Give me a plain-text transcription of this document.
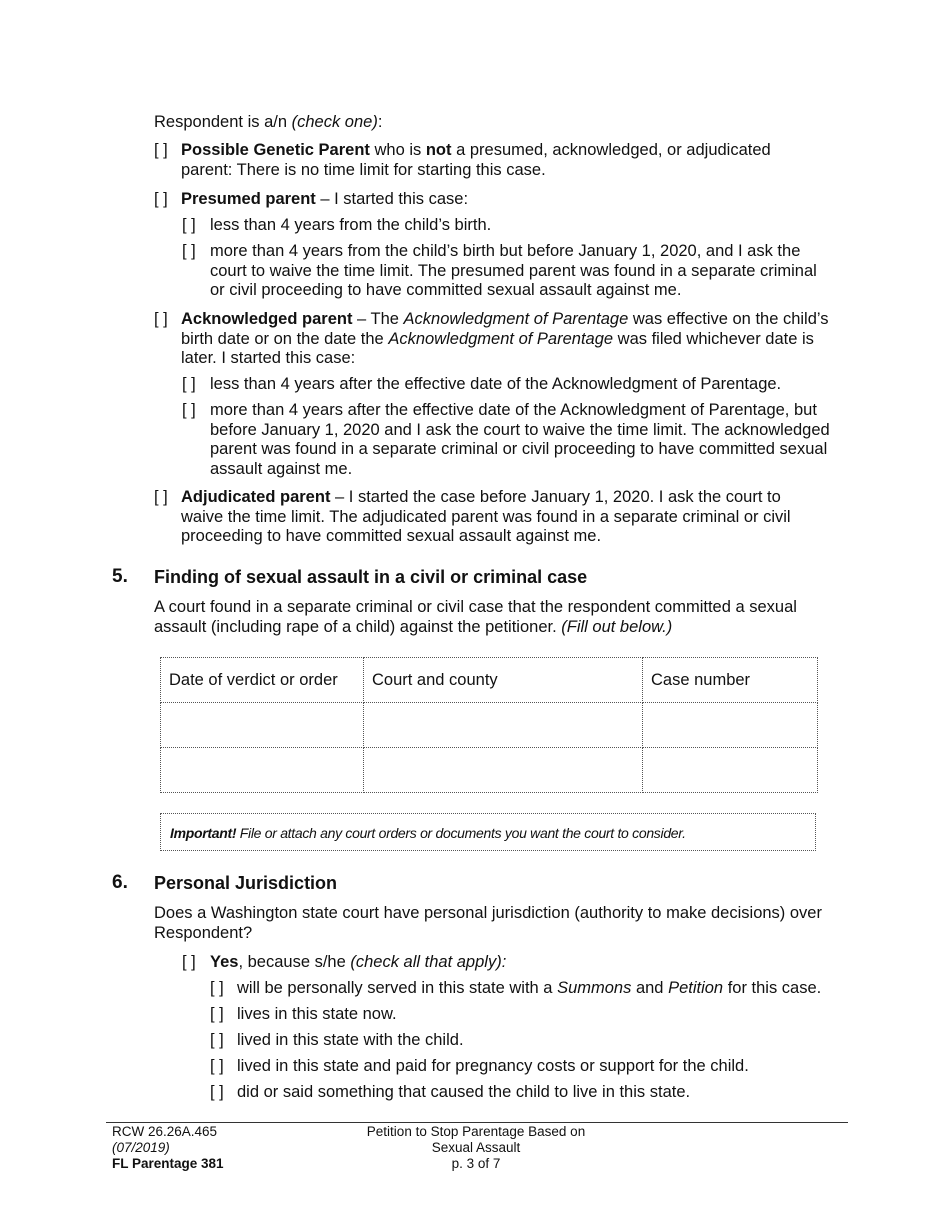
Respondent is a/n (check one):
[ ] Possible Genetic Parent who is not a presumed, acknowledged, or adjudicated parent: There is no time limit for starting this case.
[ ] Presumed parent – I started this case:
[ ] less than 4 years from the child’s birth.
[ ] more than 4 years from the child’s birth but before January 1, 2020, and I ask the court to waive the time limit. The presumed parent was found in a separate criminal or civil proceeding to have committed sexual assault against me.
[ ] Acknowledged parent – The Acknowledgment of Parentage was effective on the child’s birth date or on the date the Acknowledgment of Parentage was filed whichever date is later. I started this case:
[ ] less than 4 years after the effective date of the Acknowledgment of Parentage.
[ ] more than 4 years after the effective date of the Acknowledgment of Parentage, but before January 1, 2020 and I ask the court to waive the time limit. The acknowledged parent was found in a separate criminal or civil proceeding to have committed sexual assault against me.
[ ] Adjudicated parent – I started the case before January 1, 2020. I ask the court to waive the time limit. The adjudicated parent was found in a separate criminal or civil proceeding to have committed sexual assault against me.
5. Finding of sexual assault in a civil or criminal case
A court found in a separate criminal or civil case that the respondent committed a sexual assault (including rape of a child) against the petitioner. (Fill out below.)
Date of verdict or order	Court and county	Case number

Important! File or attach any court orders or documents you want the court to consider.
6. Personal Jurisdiction
Does a Washington state court have personal jurisdiction (authority to make decisions) over Respondent?
[ ] Yes, because s/he (check all that apply):
[ ] will be personally served in this state with a Summons and Petition for this case.
[ ] lives in this state now.
[ ] lived in this state with the child.
[ ] lived in this state and paid for pregnancy costs or support for the child.
[ ] did or said something that caused the child to live in this state.
RCW 26.26A.465
(07/2019)
FL Parentage 381
Petition to Stop Parentage Based on
Sexual Assault
p. 3 of 7
